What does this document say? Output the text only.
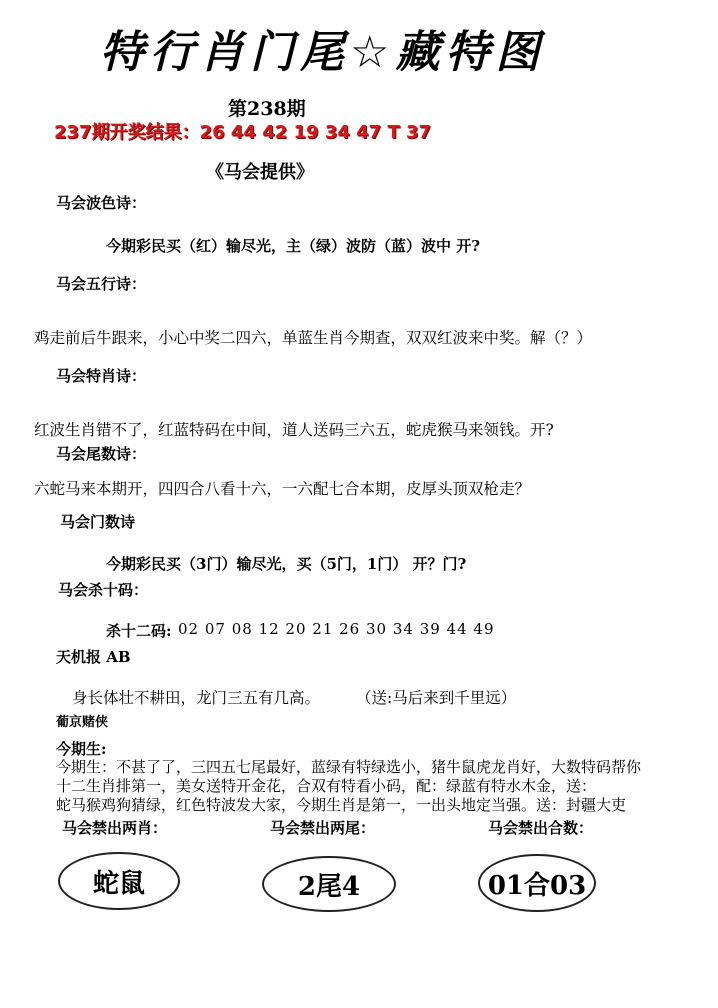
特行肖门尾☆藏特图
第238期
237期开奖结果：26 44 42 19 34 47 T 37
《马会提供》
马会波色诗：
今期彩民买（红）输尽光，主（绿）波防（蓝）波中 开?
马会五行诗：
鸡走前后牛跟来，小心中奖二四六，单蓝生肖今期查，双双红波来中奖。解（？）
马会特肖诗：
红波生肖错不了，红蓝特码在中间，道人送码三六五，蛇虎猴马来领钱。开?
马会尾数诗：
六蛇马来本期开，四四合八看十六，一六配七合本期，皮厚头顶双枪走？
马会门数诗
今期彩民买（3门）输尽光，买（5门，1门） 开？门?
马会杀十码：
杀十二码: 02 07 08 12 20 21 26 30 34 39 44 49
天机报 AB
身长体壮不耕田，龙门三五有几高。 （送:马后来到千里远）
葡京赌侠
今期生:
今期生：不甚了了，三四五七尾最好，蓝绿有特绿选小，猪牛鼠虎龙肖好，大数特码帮你
十二生肖排第一，美女送特开金花，合双有特看小码，配：绿蓝有特水木金，送：
蛇马猴鸡狗猜绿，红色特波发大家，今期生肖是第一，一出头地定当强。送：封疆大吏
马会禁出两肖：	马会禁出两尾：	马会禁出合数：
蛇鼠	2尾4	01合03
